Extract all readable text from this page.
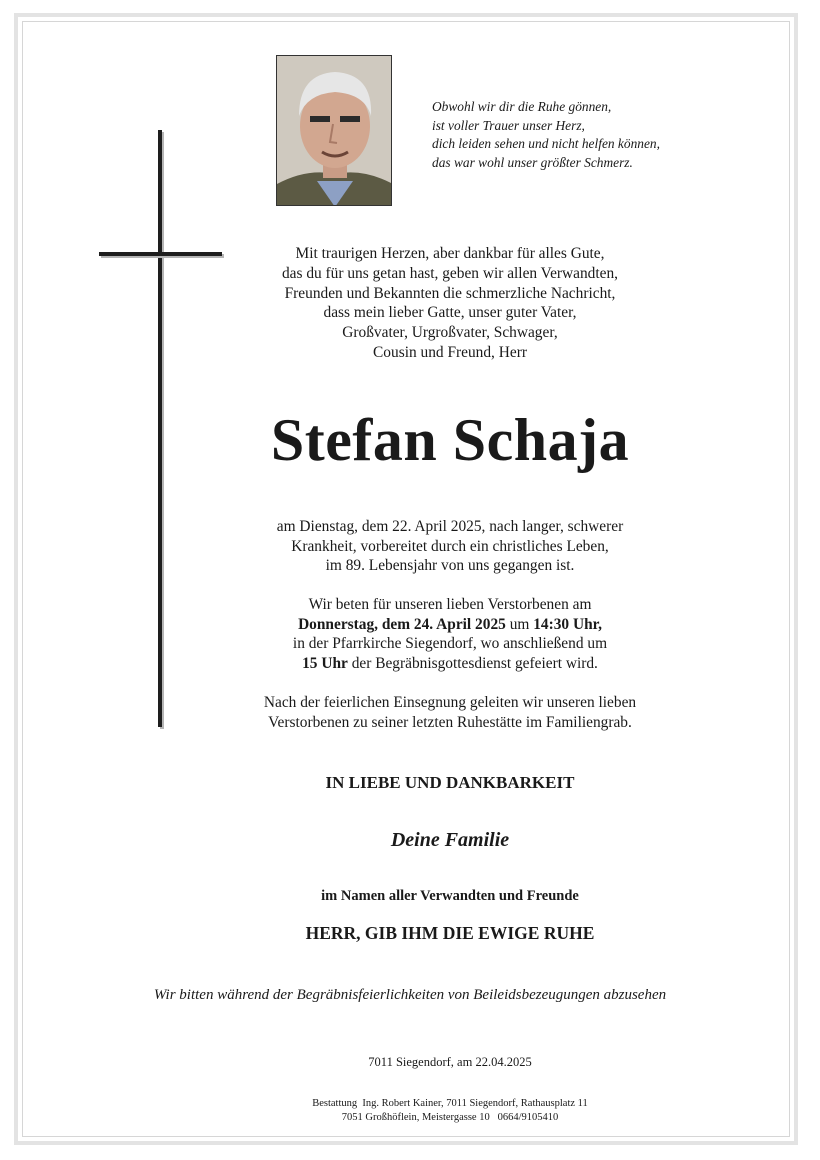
Obwohl wir dir die Ruhe gönnen,
ist voller Trauer unser Herz,
dich leiden sehen und nicht helfen können,
das war wohl unser größter Schmerz.
Mit traurigen Herzen, aber dankbar für alles Gute,
das du für uns getan hast, geben wir allen Verwandten,
Freunden und Bekannten die schmerzliche Nachricht,
dass mein lieber Gatte, unser guter Vater,
Großvater, Urgroßvater, Schwager,
Cousin und Freund, Herr
Stefan Schaja
am Dienstag, dem 22. April 2025, nach langer, schwerer
Krankheit, vorbereitet durch ein christliches Leben,
im 89. Lebensjahr von uns gegangen ist.
Wir beten für unseren lieben Verstorbenen am
Donnerstag, dem 24. April 2025 um 14:30 Uhr,
in der Pfarrkirche Siegendorf, wo anschließend um
15 Uhr der Begräbnisgottesdienst gefeiert wird.
Nach der feierlichen Einsegnung geleiten wir unseren lieben
Verstorbenen zu seiner letzten Ruhestätte im Familiengrab.
IN LIEBE UND DANKBARKEIT
Deine Familie
im Namen aller Verwandten und Freunde
HERR, GIB IHM DIE EWIGE RUHE
Wir bitten während der Begräbnisfeierlichkeiten von Beileidsbezeugungen abzusehen
7011 Siegendorf, am 22.04.2025
Bestattung  Ing. Robert Kainer, 7011 Siegendorf, Rathausplatz 11
7051 Großhöflein, Meistergasse 10   0664/9105410
